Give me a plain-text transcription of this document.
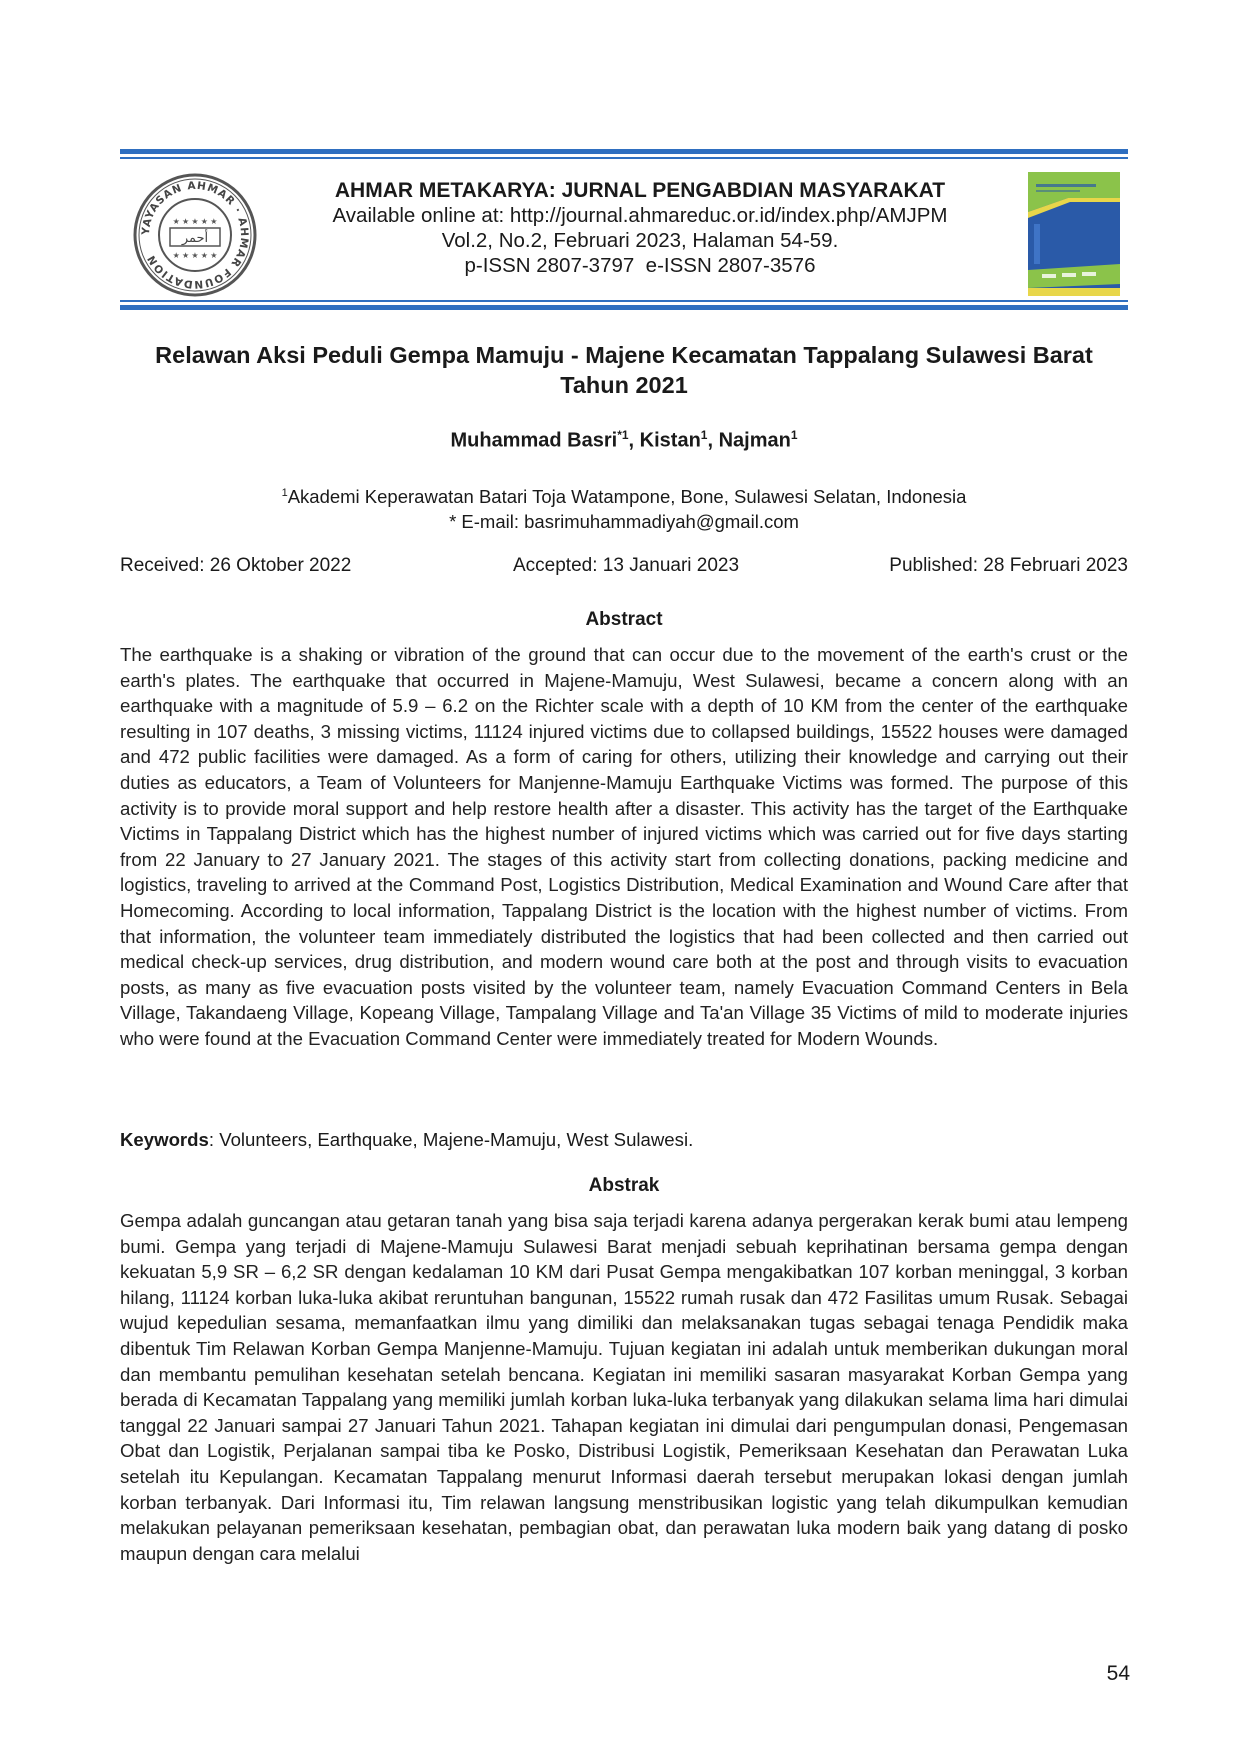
YAYASAN AHMAR · AHMAR FOUNDATION
★ ★ ★ ★ ★
أحمر
★ ★ ★ ★ ★
AHMAR METAKARYA: JURNAL PENGABDIAN MASYARAKAT
Available online at: http://journal.ahmareduc.or.id/index.php/AMJPM
Vol.2, No.2, Februari 2023, Halaman 54-59.
p-ISSN 2807-3797  e-ISSN 2807-3576
Relawan Aksi Peduli Gempa Mamuju - Majene Kecamatan Tappalang Sulawesi Barat
Tahun 2021
Muhammad Basri$^{*1}$, Kistan$^1$, Najman$^1$
$^1$Akademi Keperawatan Batari Toja Watampone, Bone, Sulawesi Selatan, Indonesia
* E-mail: basrimuhammadiyah@gmail.com
Received: 26 Oktober 2022	Accepted: 13 Januari 2023	Published: 28 Februari 2023
Abstract
The earthquake is a shaking or vibration of the ground that can occur due to the movement of the earth's crust or the earth's plates. The earthquake that occurred in Majene-Mamuju, West Sulawesi, became a concern along with an earthquake with a magnitude of 5.9 – 6.2 on the Richter scale with a depth of 10 KM from the center of the earthquake resulting in 107 deaths, 3 missing victims, 11124 injured victims due to collapsed buildings, 15522 houses were damaged and 472 public facilities were damaged. As a form of caring for others, utilizing their knowledge and carrying out their duties as educators, a Team of Volunteers for Manjenne-Mamuju Earthquake Victims was formed. The purpose of this activity is to provide moral support and help restore health after a disaster. This activity has the target of the Earthquake Victims in Tappalang District which has the highest number of injured victims which was carried out for five days starting from 22 January to 27 January 2021. The stages of this activity start from collecting donations, packing medicine and logistics, traveling to arrived at the Command Post, Logistics Distribution, Medical Examination and Wound Care after that Homecoming. According to local information, Tappalang District is the location with the highest number of victims. From that information, the volunteer team immediately distributed the logistics that had been collected and then carried out medical check-up services, drug distribution, and modern wound care both at the post and through visits to evacuation posts, as many as five evacuation posts visited by the volunteer team, namely Evacuation Command Centers in Bela Village, Takandaeng Village, Kopeang Village, Tampalang Village and Ta'an Village 35 Victims of mild to moderate injuries who were found at the Evacuation Command Center were immediately treated for Modern Wounds.
Keywords: Volunteers, Earthquake, Majene-Mamuju, West Sulawesi.
Abstrak
Gempa adalah guncangan atau getaran tanah yang bisa saja terjadi karena adanya pergerakan kerak bumi atau lempeng bumi. Gempa yang terjadi di Majene-Mamuju Sulawesi Barat menjadi sebuah keprihatinan bersama gempa dengan kekuatan 5,9 SR – 6,2 SR dengan kedalaman 10 KM dari Pusat Gempa mengakibatkan 107 korban meninggal, 3 korban hilang, 11124 korban luka-luka akibat reruntuhan bangunan, 15522 rumah rusak dan 472 Fasilitas umum Rusak. Sebagai wujud kepedulian sesama, memanfaatkan ilmu yang dimiliki dan melaksanakan tugas sebagai tenaga Pendidik maka dibentuk Tim Relawan Korban Gempa Manjenne-Mamuju. Tujuan kegiatan ini adalah untuk memberikan dukungan moral dan membantu pemulihan kesehatan setelah bencana. Kegiatan ini memiliki sasaran masyarakat Korban Gempa yang berada di Kecamatan Tappalang yang memiliki jumlah korban luka-luka terbanyak yang dilakukan selama lima hari dimulai tanggal 22 Januari sampai 27 Januari Tahun 2021. Tahapan kegiatan ini dimulai dari pengumpulan donasi, Pengemasan Obat dan Logistik, Perjalanan sampai tiba ke Posko, Distribusi Logistik, Pemeriksaan Kesehatan dan Perawatan Luka setelah itu Kepulangan. Kecamatan Tappalang menurut Informasi daerah tersebut merupakan lokasi dengan jumlah korban terbanyak. Dari Informasi itu, Tim relawan langsung menstribusikan logistic yang telah dikumpulkan kemudian melakukan pelayanan pemeriksaan kesehatan, pembagian obat, dan perawatan luka modern baik yang datang di posko maupun dengan cara melalui
54
